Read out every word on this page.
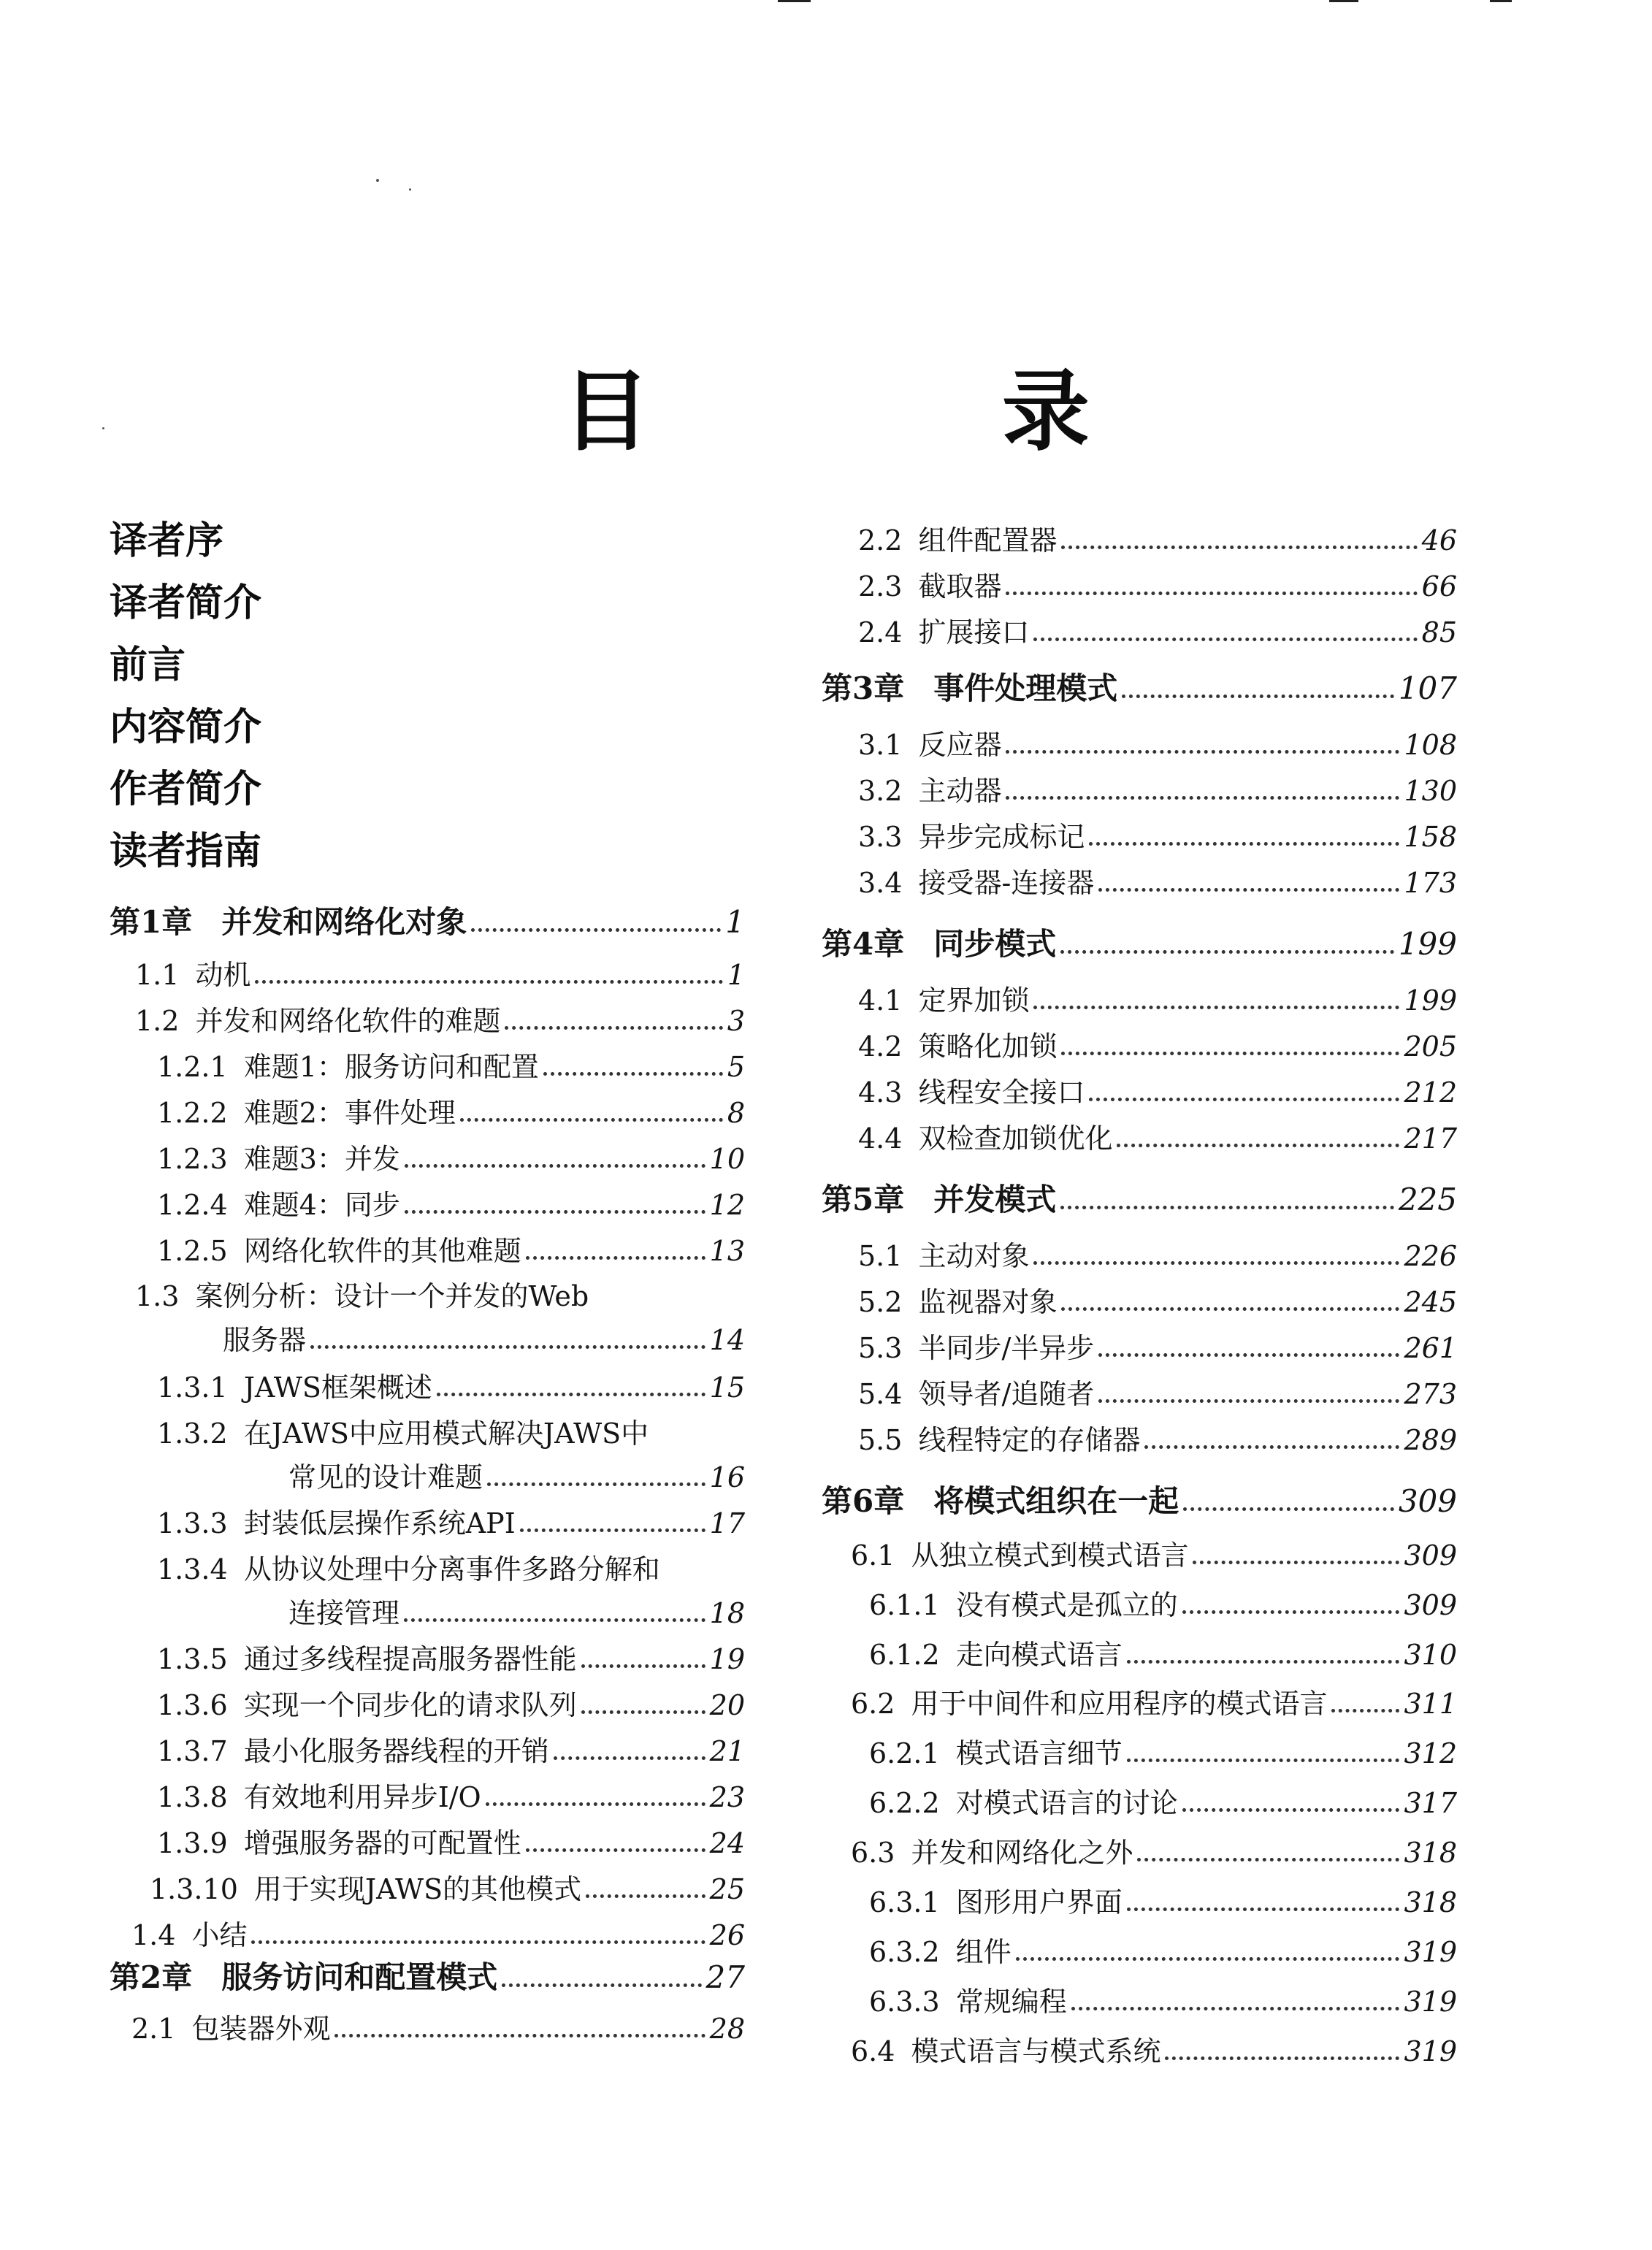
目 录
译者序
译者简介
前言
内容简介
作者简介
读者指南
第1章 并发和网络化对象	1
1.1 动机	1
1.2 并发和网络化软件的难题	3
1.2.1 难题1：服务访问和配置	5
1.2.2 难题2：事件处理	8
1.2.3 难题3：并发	10
1.2.4 难题4：同步	12
1.2.5 网络化软件的其他难题	13
1.3 案例分析：设计一个并发的Web
服务器	14
1.3.1 JAWS框架概述	15
1.3.2 在JAWS中应用模式解决JAWS中
常见的设计难题	16
1.3.3 封装低层操作系统API	17
1.3.4 从协议处理中分离事件多路分解和
连接管理	18
1.3.5 通过多线程提高服务器性能	19
1.3.6 实现一个同步化的请求队列	20
1.3.7 最小化服务器线程的开销	21
1.3.8 有效地利用异步I/O	23
1.3.9 增强服务器的可配置性	24
1.3.10 用于实现JAWS的其他模式	25
1.4 小结	26
第2章 服务访问和配置模式	27
2.1 包装器外观	28
2.2 组件配置器	46
2.3 截取器	66
2.4 扩展接口	85
第3章 事件处理模式	107
3.1 反应器	108
3.2 主动器	130
3.3 异步完成标记	158
3.4 接受器-连接器	173
第4章 同步模式	199
4.1 定界加锁	199
4.2 策略化加锁	205
4.3 线程安全接口	212
4.4 双检查加锁优化	217
第5章 并发模式	225
5.1 主动对象	226
5.2 监视器对象	245
5.3 半同步/半异步	261
5.4 领导者/追随者	273
5.5 线程特定的存储器	289
第6章 将模式组织在一起	309
6.1 从独立模式到模式语言	309
6.1.1 没有模式是孤立的	309
6.1.2 走向模式语言	310
6.2 用于中间件和应用程序的模式语言	311
6.2.1 模式语言细节	312
6.2.2 对模式语言的讨论	317
6.3 并发和网络化之外	318
6.3.1 图形用户界面	318
6.3.2 组件	319
6.3.3 常规编程	319
6.4 模式语言与模式系统	319
